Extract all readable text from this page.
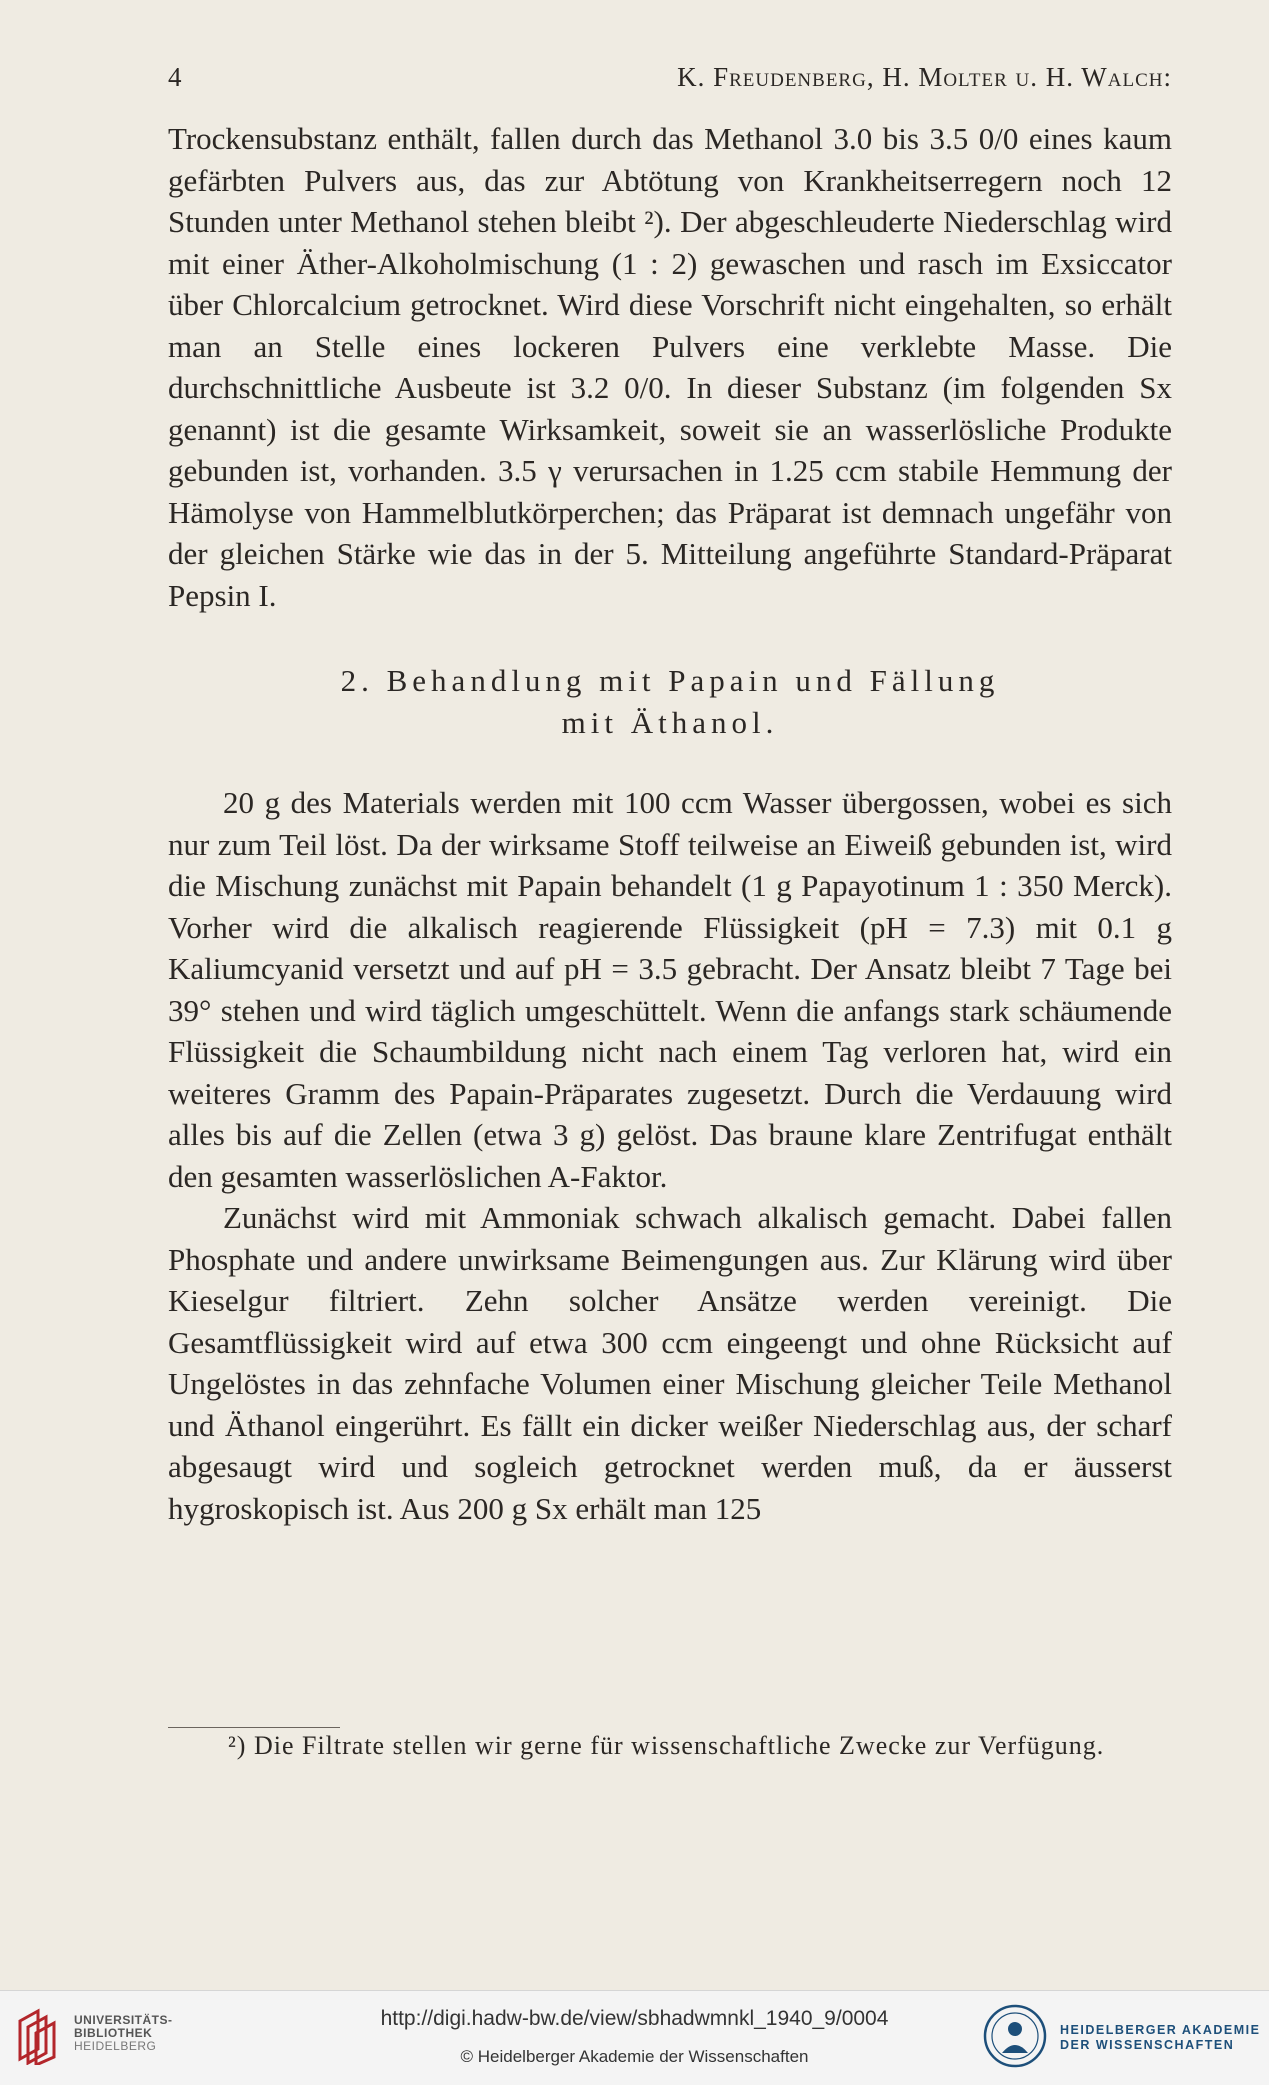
4	K. Freudenberg, H. Molter u. H. Walch:

Trockensubstanz enthält, fallen durch das Methanol 3.0 bis 3.5 0/0 eines kaum gefärbten Pulvers aus, das zur Abtötung von Krankheitserregern noch 12 Stunden unter Methanol stehen bleibt ²). Der abgeschleuderte Niederschlag wird mit einer Äther-Alkoholmischung (1 : 2) gewaschen und rasch im Exsiccator über Chlorcalcium getrocknet. Wird diese Vorschrift nicht eingehalten, so erhält man an Stelle eines lockeren Pulvers eine verklebte Masse. Die durchschnittliche Ausbeute ist 3.2 0/0. In dieser Substanz (im folgenden Sx genannt) ist die gesamte Wirksamkeit, soweit sie an wasserlösliche Produkte gebunden ist, vorhanden. 3.5 γ verursachen in 1.25 ccm stabile Hemmung der Hämolyse von Hammelblutkörperchen; das Präparat ist demnach ungefähr von der gleichen Stärke wie das in der 5. Mitteilung angeführte Standard-Präparat Pepsin I.

2. Behandlung mit Papain und Fällung
mit Äthanol.

20 g des Materials werden mit 100 ccm Wasser übergossen, wobei es sich nur zum Teil löst. Da der wirksame Stoff teilweise an Eiweiß gebunden ist, wird die Mischung zunächst mit Papain behandelt (1 g Papayotinum 1 : 350 Merck). Vorher wird die alkalisch reagierende Flüssigkeit (pH = 7.3) mit 0.1 g Kaliumcyanid versetzt und auf pH = 3.5 gebracht. Der Ansatz bleibt 7 Tage bei 39° stehen und wird täglich umgeschüttelt. Wenn die anfangs stark schäumende Flüssigkeit die Schaumbildung nicht nach einem Tag verloren hat, wird ein weiteres Gramm des Papain-Präparates zugesetzt. Durch die Verdauung wird alles bis auf die Zellen (etwa 3 g) gelöst. Das braune klare Zentrifugat enthält den gesamten wasserlöslichen A-Faktor.

Zunächst wird mit Ammoniak schwach alkalisch gemacht. Dabei fallen Phosphate und andere unwirksame Beimengungen aus. Zur Klärung wird über Kieselgur filtriert. Zehn solcher Ansätze werden vereinigt. Die Gesamtflüssigkeit wird auf etwa 300 ccm eingeengt und ohne Rücksicht auf Ungelöstes in das zehnfache Volumen einer Mischung gleicher Teile Methanol und Äthanol eingerührt. Es fällt ein dicker weißer Niederschlag aus, der scharf abgesaugt wird und sogleich getrocknet werden muß, da er äusserst hygroskopisch ist. Aus 200 g Sx erhält man 125

²) Die Filtrate stellen wir gerne für wissenschaftliche Zwecke zur Verfügung.
UNIVERSITÄTS-
BIBLIOTHEK
HEIDELBERG
http://digi.hadw-bw.de/view/sbhadwmnkl_1940_9/0004
© Heidelberger Akademie der Wissenschaften
HEIDELBERGER AKADEMIE
DER WISSENSCHAFTEN
